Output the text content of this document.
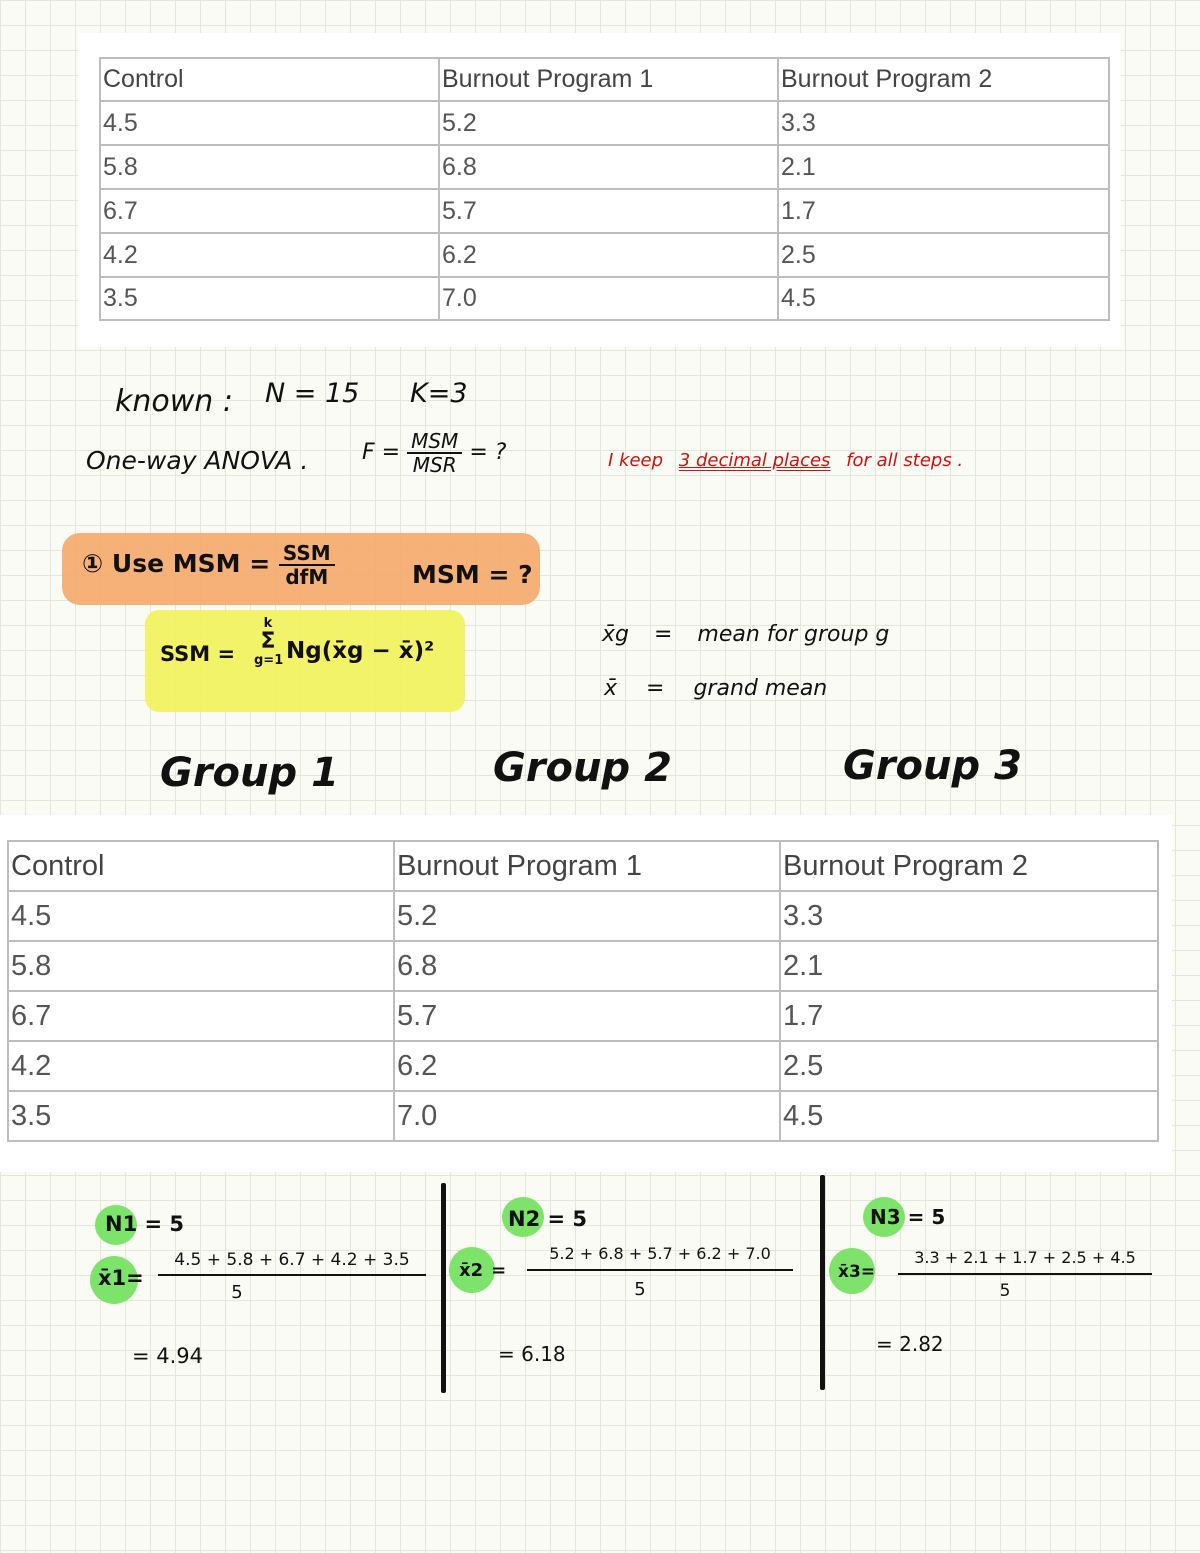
Control	Burnout Program 1	Burnout Program 2
4.5	5.2	3.3
5.8	6.8	2.1
6.7	5.7	1.7
4.2	6.2	2.5
3.5	7.0	4.5
known : N = 15 K=3
One-way ANOVA . $F = \frac{\text{MSM}}{\text{MSR}}$ = ?	I keep 3 decimal places for all steps .
① Use MSM = $\frac{\text{SSM}}{\text{dfM}}$	MSM = ?
SSM =
k
Σ
g=1 Ng(x̄g − x̄)²
x̄g = mean for group g
x̄ = grand mean
Group 1	Group 2	Group 3
Control	Burnout Program 1	Burnout Program 2
4.5	5.2	3.3
5.8	6.8	2.1
6.7	5.7	1.7
4.2	6.2	2.5
3.5	7.0	4.5
N1 = 5
x̄1= $\frac{4.5 + 5.8 + 6.7 + 4.2 + 3.5}{5}$
= 4.94
N2 = 5
x̄2 = $\frac{5.2 + 6.8 + 5.7 + 6.2 + 7.0}{5}$
= 6.18
N3 = 5
x̄3= $\frac{3.3 + 2.1 + 1.7 + 2.5 + 4.5}{5}$
= 2.82
